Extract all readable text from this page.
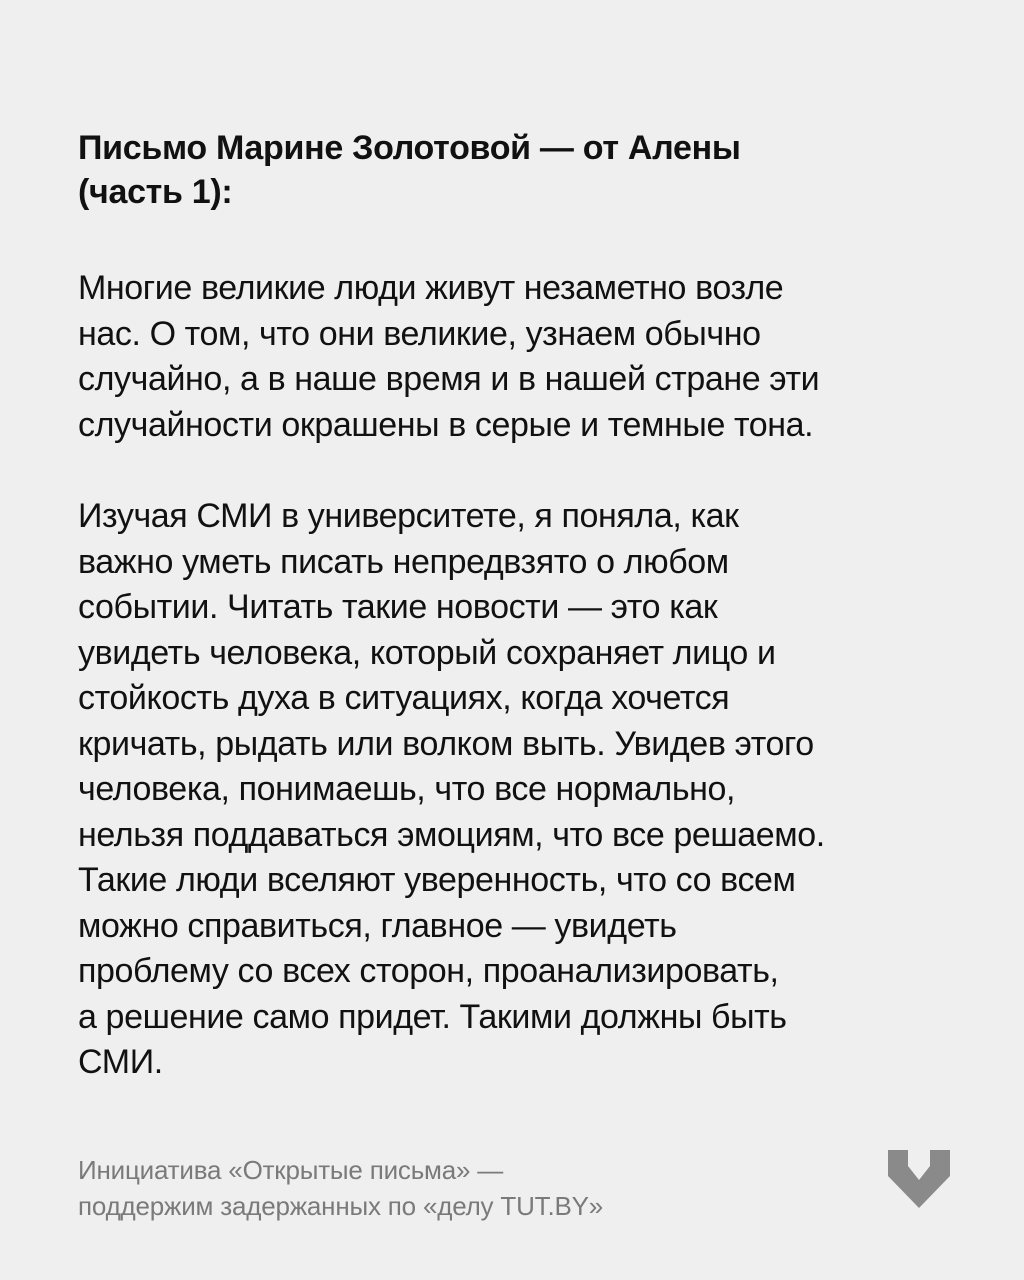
Письмо Марине Золотовой — от Алены
(часть 1):

Многие великие люди живут незаметно возле
нас. О том, что они великие, узнаем обычно
случайно, а в наше время и в нашей стране эти
случайности окрашены в серые и темные тона.

Изучая СМИ в университете, я поняла, как
важно уметь писать непредвзято о любом
событии. Читать такие новости — это как
увидеть человека, который сохраняет лицо и
стойкость духа в ситуациях, когда хочется
кричать, рыдать или волком выть. Увидев этого
человека, понимаешь, что все нормально,
нельзя поддаваться эмоциям, что все решаемо.
Такие люди вселяют уверенность, что со всем
можно справиться, главное — увидеть
проблему со всех сторон, проанализировать,
а решение само придет. Такими должны быть
СМИ.

Инициатива «Открытые письма» —
поддержим задержанных по «делу TUT.BY»
